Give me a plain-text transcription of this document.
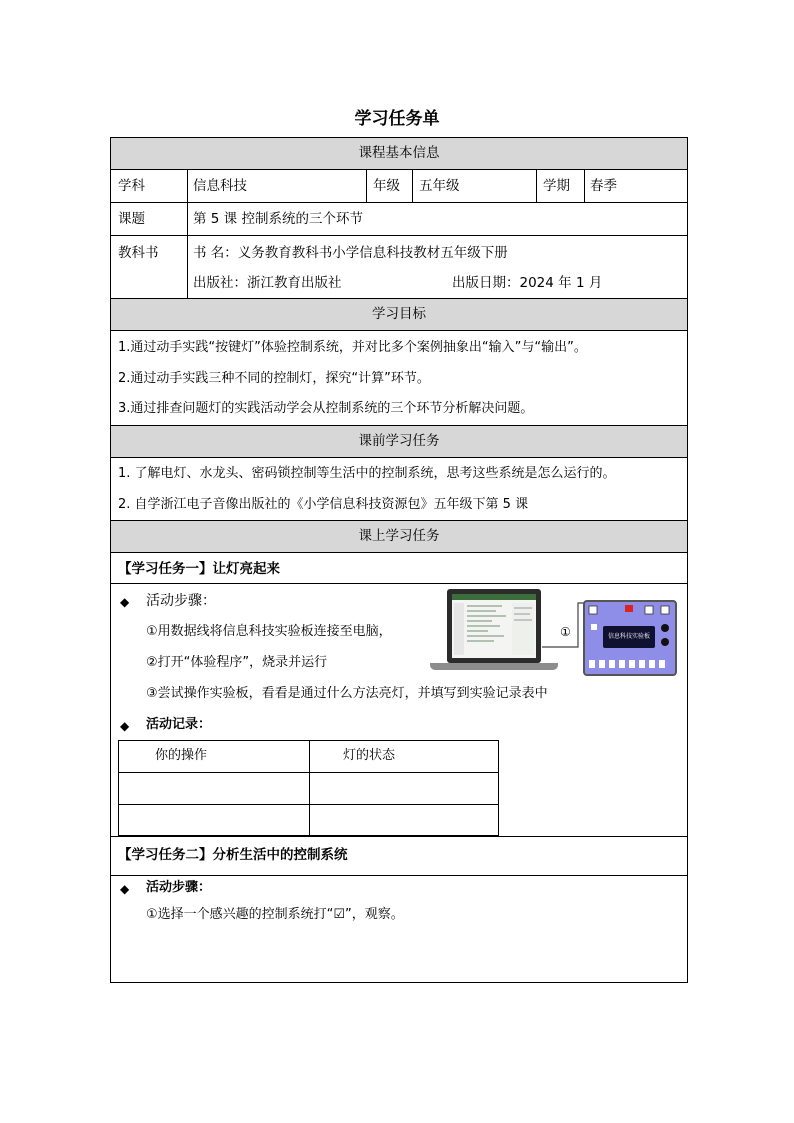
学习任务单
课程基本信息
学科	信息科技	年级 五年级	学期 春季
课题	第 5 课 控制系统的三个环节
教科书	书 名：义务教育教科书小学信息科技教材五年级下册
出版社：浙江教育出版社	出版日期：2024 年 1 月
学习目标
1.通过动手实践“按键灯”体验控制系统，并对比多个案例抽象出“输入”与“输出”。
2.通过动手实践三种不同的控制灯，探究“计算”环节。
3.通过排查问题灯的实践活动学会从控制系统的三个环节分析解决问题。
课前学习任务
1. 了解电灯、水龙头、密码锁控制等生活中的控制系统，思考这些系统是怎么运行的。
2. 自学浙江电子音像出版社的《小学信息科技资源包》五年级下第 5 课
课上学习任务
【学习任务一】让灯亮起来
◆ 活动步骤：
①用数据线将信息科技实验板连接至电脑，
②打开“体验程序”，烧录并运行
③尝试操作实验板，看看是通过什么方法亮灯，并填写到实验记录表中
①	信息科技实验板
◆ 活动记录：
你的操作	灯的状态
【学习任务二】分析生活中的控制系统
◆ 活动步骤：
①选择一个感兴趣的控制系统打“☑”，观察。
